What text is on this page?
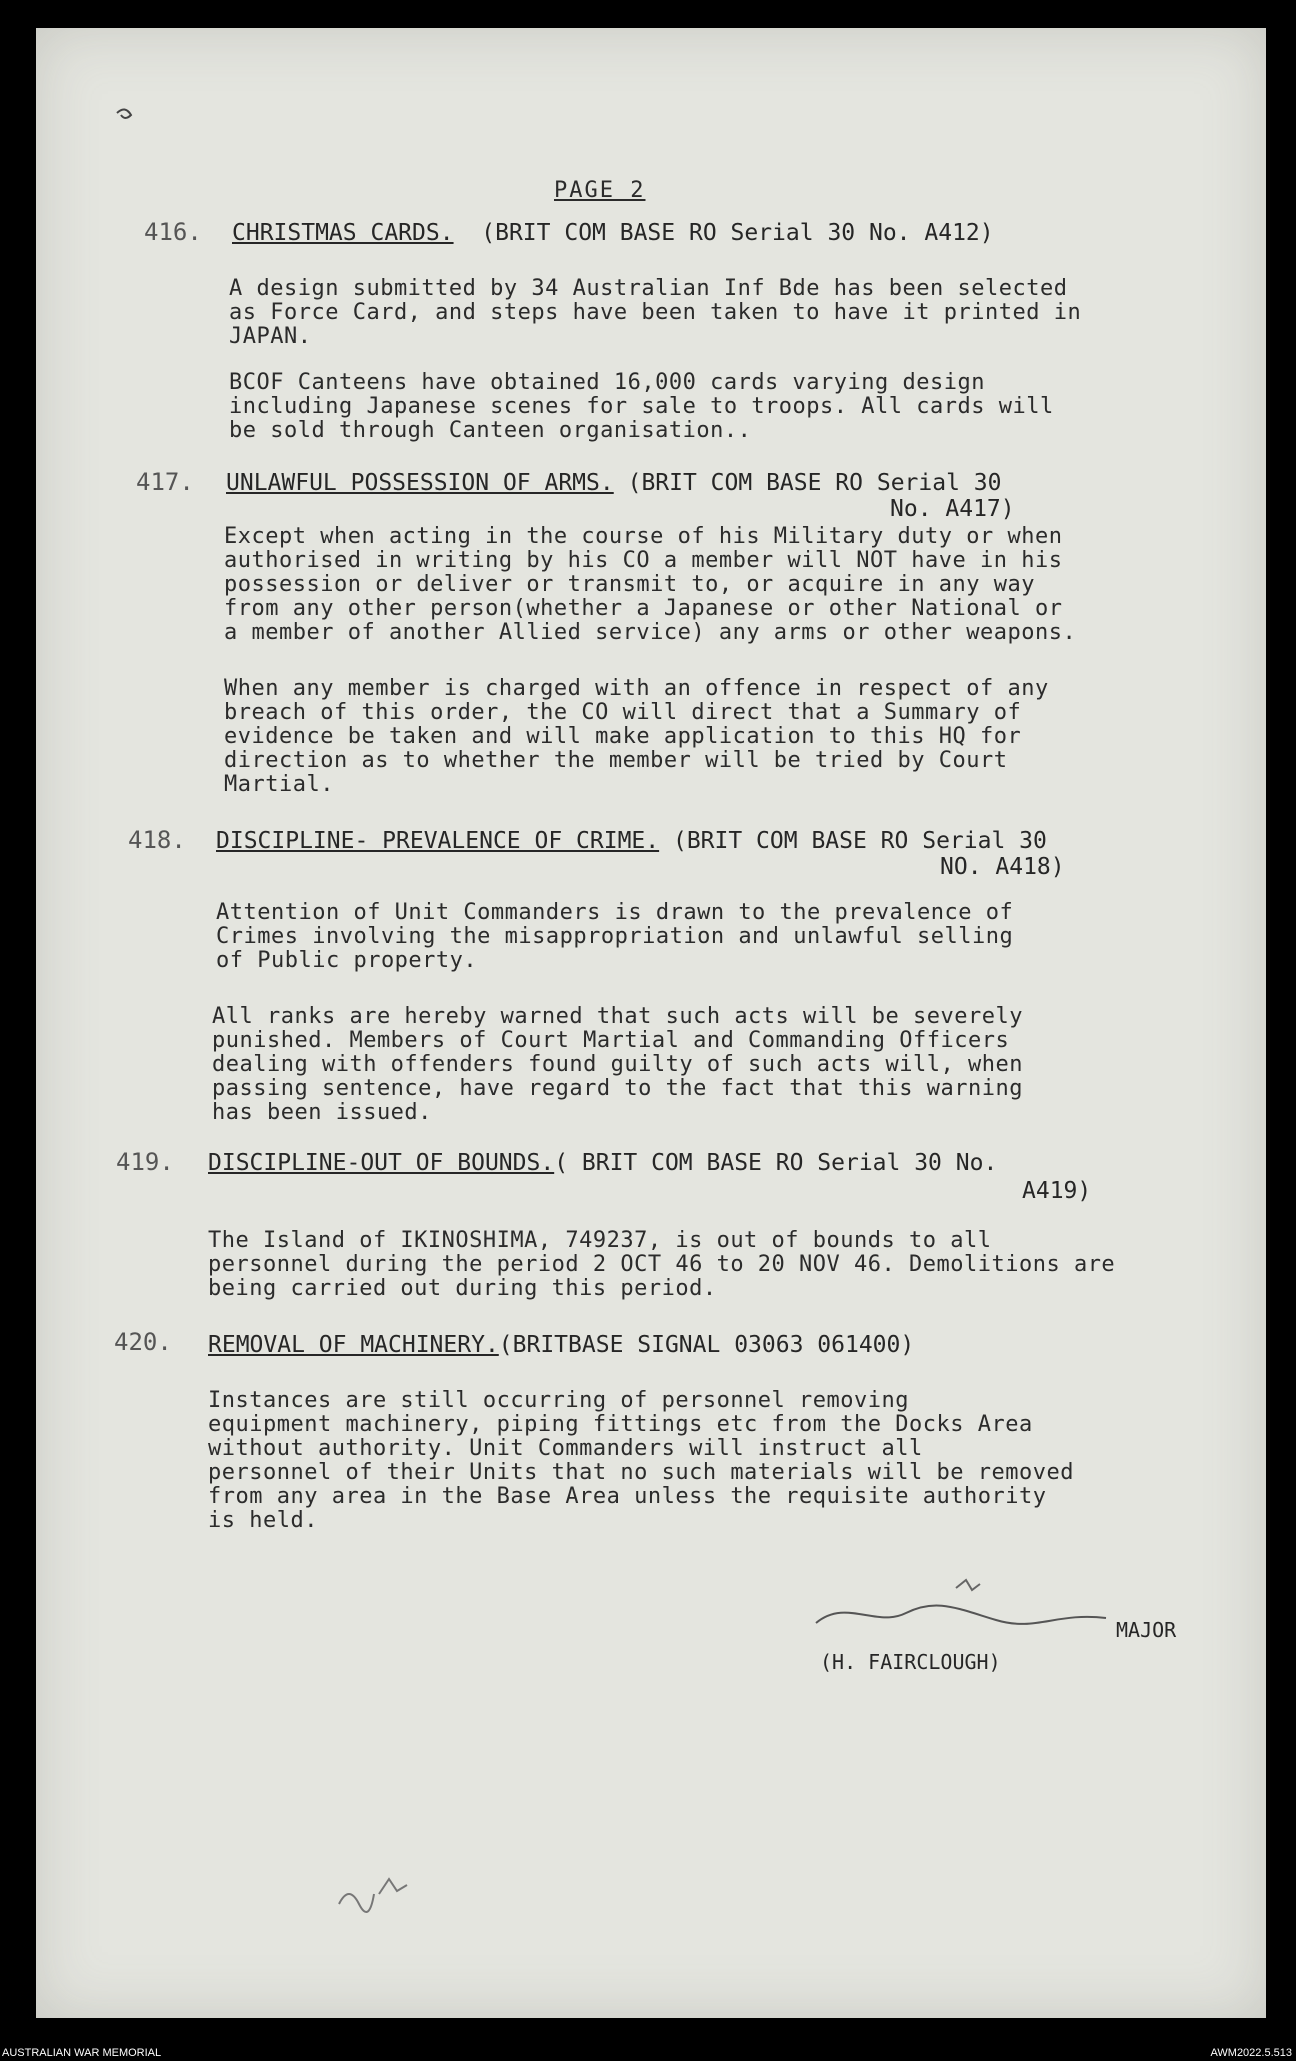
PAGE 2
416. CHRISTMAS CARDS. (BRIT COM BASE RO Serial 30 No. A412)
A design submitted by 34 Australian Inf Bde has been selected
as Force Card, and steps have been taken to have it printed in
JAPAN.
BCOF Canteens have obtained 16,000 cards varying design
including Japanese scenes for sale to troops. All cards will
be sold through Canteen organisation..
417. UNLAWFUL POSSESSION OF ARMS. (BRIT COM BASE RO Serial 30
No. A417)
Except when acting in the course of his Military duty or when
authorised in writing by his CO a member will NOT have in his
possession or deliver or transmit to, or acquire in any way
from any other person(whether a Japanese or other National or
a member of another Allied service) any arms or other weapons.
When any member is charged with an offence in respect of any
breach of this order, the CO will direct that a Summary of
evidence be taken and will make application to this HQ for
direction as to whether the member will be tried by Court
Martial.
418. DISCIPLINE- PREVALENCE OF CRIME. (BRIT COM BASE RO Serial 30
NO. A418)
Attention of Unit Commanders is drawn to the prevalence of
Crimes involving the misappropriation and unlawful selling
of Public property.
All ranks are hereby warned that such acts will be severely
punished. Members of Court Martial and Commanding Officers
dealing with offenders found guilty of such acts will, when
passing sentence, have regard to the fact that this warning
has been issued.
419. DISCIPLINE-OUT OF BOUNDS.( BRIT COM BASE RO Serial 30 No.
A419)
The Island of IKINOSHIMA, 749237, is out of bounds to all
personnel during the period 2 OCT 46 to 20 NOV 46. Demolitions are
being carried out during this period.
420. REMOVAL OF MACHINERY.(BRITBASE SIGNAL 03063 061400)
Instances are still occurring of personnel removing
equipment machinery, piping fittings etc from the Docks Area
without authority. Unit Commanders will instruct all
personnel of their Units that no such materials will be removed
from any area in the Base Area unless the requisite authority
is held.
MAJOR
(H. FAIRCLOUGH)
AUSTRALIAN WAR MEMORIAL	AWM2022.5.513
